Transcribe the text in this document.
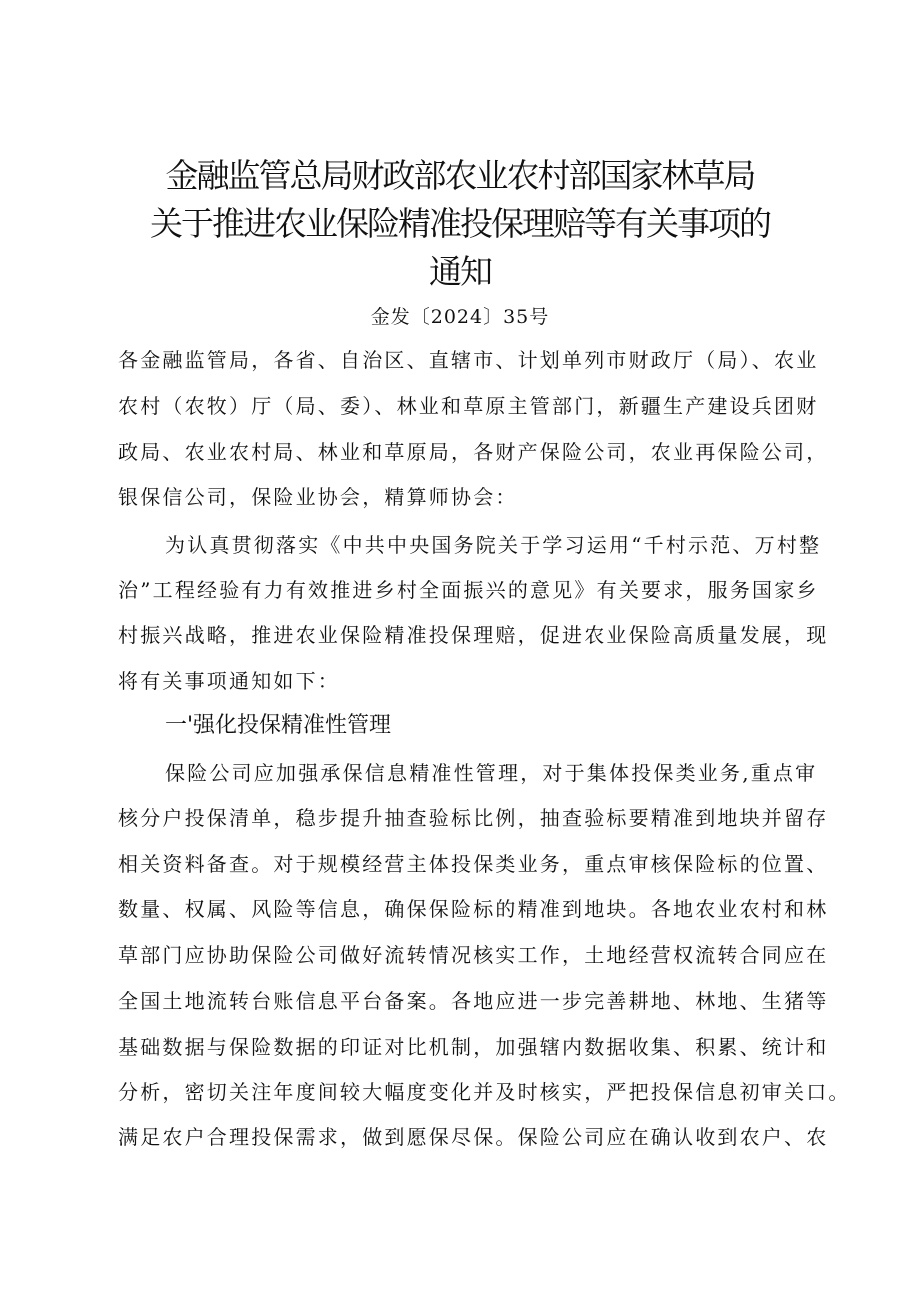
金融监管总局财政部农业农村部国家林草局
关于推进农业保险精准投保理赔等有关事项的
通知
金发〔2024〕35号
各金融监管局，各省、自治区、直辖市、计划单列市财政厅（局）、农业
农村（农牧）厅（局、委）、林业和草原主管部门，新疆生产建设兵团财
政局、农业农村局、林业和草原局，各财产保险公司，农业再保险公司，
银保信公司，保险业协会，精算师协会：
为认真贯彻落实《中共中央国务院关于学习运用“千村示范、万村整
治”工程经验有力有效推进乡村全面振兴的意见》有关要求，服务国家乡
村振兴战略，推进农业保险精准投保理赔，促进农业保险高质量发展，现
将有关事项通知如下：
保险公司应加强承保信息精准性管理，对于集体投保类业务,重点审
核分户投保清单，稳步提升抽查验标比例，抽查验标要精准到地块并留存
相关资料备查。对于规模经营主体投保类业务，重点审核保险标的位置、
数量、权属、风险等信息，确保保险标的精准到地块。各地农业农村和林
草部门应协助保险公司做好流转情况核实工作，土地经营权流转合同应在
全国土地流转台账信息平台备案。各地应进一步完善耕地、林地、生猪等
基础数据与保险数据的印证对比机制，加强辖内数据收集、积累、统计和
分析，密切关注年度间较大幅度变化并及时核实，严把投保信息初审关口。
满足农户合理投保需求，做到愿保尽保。保险公司应在确认收到农户、农
一'强化投保精准性管理
